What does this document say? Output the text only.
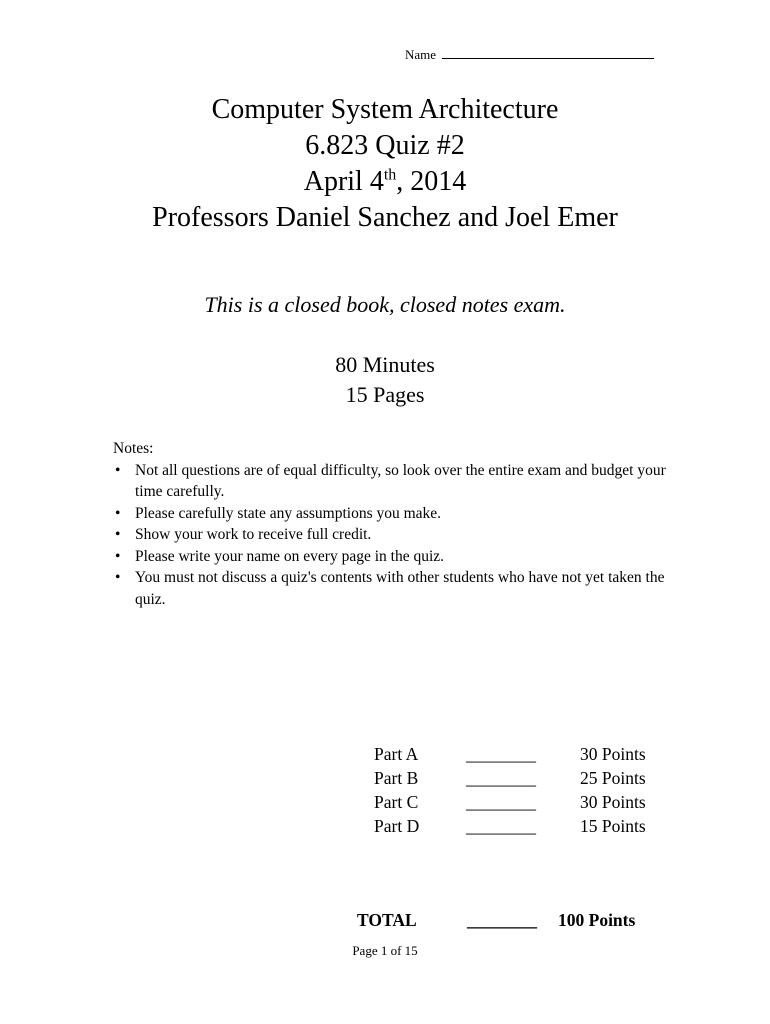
Name
Computer System Architecture
6.823 Quiz #2
April 4th, 2014
Professors Daniel Sanchez and Joel Emer
This is a closed book, closed notes exam.
80 Minutes
15 Pages
Notes:
• Not all questions are of equal difficulty, so look over the entire exam and budget your time carefully.
• Please carefully state any assumptions you make.
• Show your work to receive full credit.
• Please write your name on every page in the quiz.
• You must not discuss a quiz's contents with other students who have not yet taken the quiz.
Part A	________	30 Points
Part B	________	25 Points
Part C	________	30 Points
Part D	________	15 Points
TOTAL	________ 100 Points
Page 1 of 15
